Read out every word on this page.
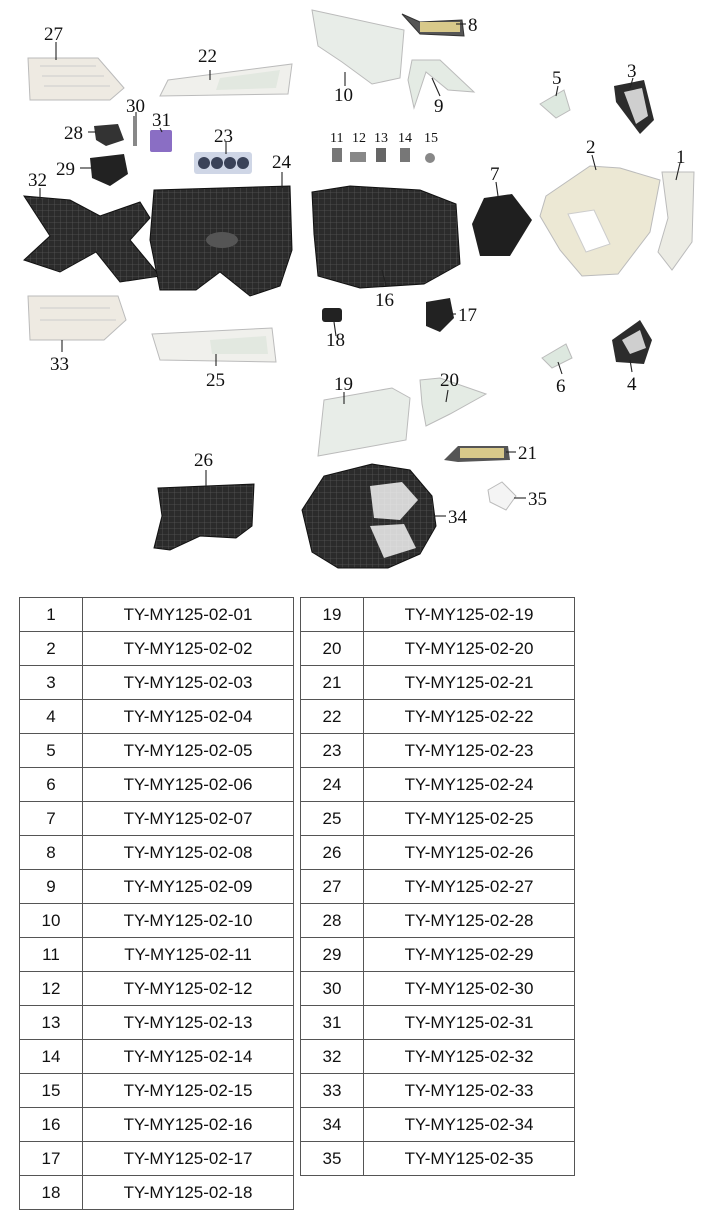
1
2
3
4
5
6
7
8
9
10
11 12 13 14 15
16
17
18
19	20
21
22
23
24
25
26
27
28
29
30
31
32
33
34
35
1	TY-MY125-02-01
2	TY-MY125-02-02
3	TY-MY125-02-03
4	TY-MY125-02-04
5	TY-MY125-02-05
6	TY-MY125-02-06
7	TY-MY125-02-07
8	TY-MY125-02-08
9	TY-MY125-02-09
10	TY-MY125-02-10
11	TY-MY125-02-11
12	TY-MY125-02-12
13	TY-MY125-02-13
14	TY-MY125-02-14
15	TY-MY125-02-15
16	TY-MY125-02-16
17	TY-MY125-02-17
18	TY-MY125-02-18
19	TY-MY125-02-19
20	TY-MY125-02-20
21	TY-MY125-02-21
22	TY-MY125-02-22
23	TY-MY125-02-23
24	TY-MY125-02-24
25	TY-MY125-02-25
26	TY-MY125-02-26
27	TY-MY125-02-27
28	TY-MY125-02-28
29	TY-MY125-02-29
30	TY-MY125-02-30
31	TY-MY125-02-31
32	TY-MY125-02-32
33	TY-MY125-02-33
34	TY-MY125-02-34
35	TY-MY125-02-35
